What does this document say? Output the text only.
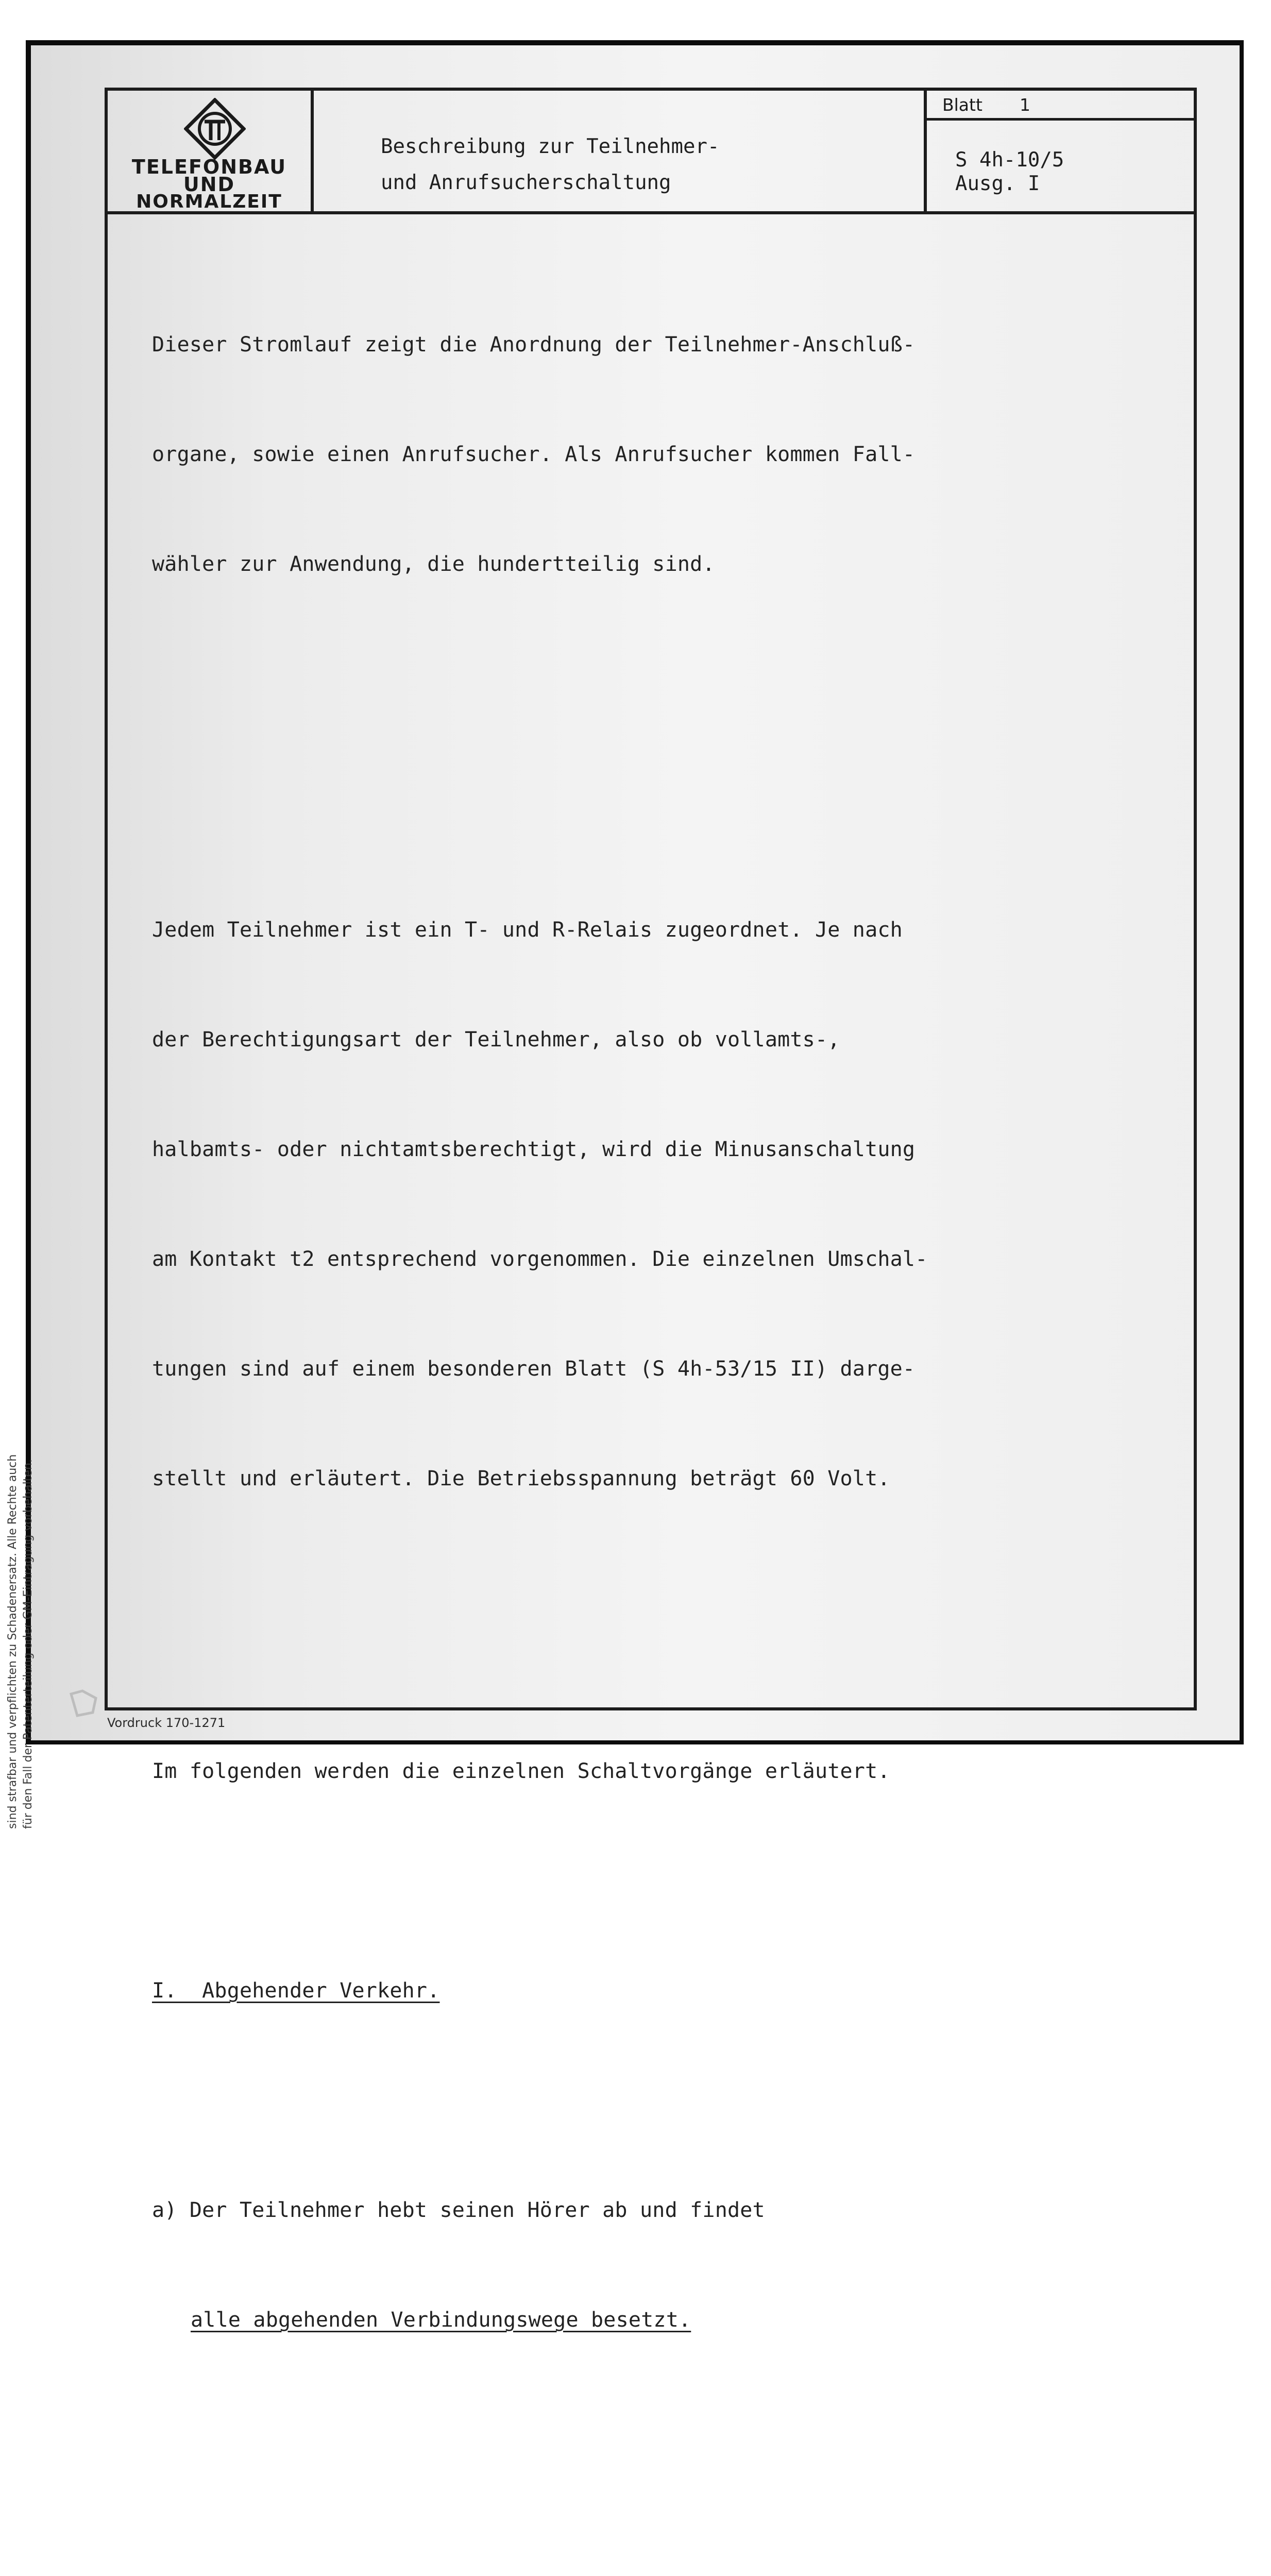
TELEFONBAU
UND
NORMALZEIT
Beschreibung zur Teilnehmer-
und Anrufsucherschaltung
Blatt 1
S 4h-10/5
Ausg. I

Dieser Stromlauf zeigt die Anordnung der Teilnehmer-Anschluß-

organe, sowie einen Anrufsucher. Als Anrufsucher kommen Fall-

wähler zur Anwendung, die hundertteilig sind.

Jedem Teilnehmer ist ein T- und R-Relais zugeordnet. Je nach

der Berechtigungsart der Teilnehmer, also ob vollamts-,

halbamts- oder nichtamtsberechtigt, wird die Minusanschaltung

am Kontakt t2 entsprechend vorgenommen. Die einzelnen Umschal-

tungen sind auf einem besonderen Blatt (S 4h-53/15 II) darge-

stellt und erläutert. Die Betriebsspannung beträgt 60 Volt.

Im folgenden werden die einzelnen Schaltvorgänge erläutert.

I.  Abgehender Verkehr.

a) Der Teilnehmer hebt seinen Hörer ab und findet

alle abgehenden Verbindungswege besetzt.

sind strafbar und verpflichten zu Schadenersatz. Alle Rechte auch für den Fall der Patenterteilung oder GM-Eintragung vorbehalten.	Vordruck 170-1271
